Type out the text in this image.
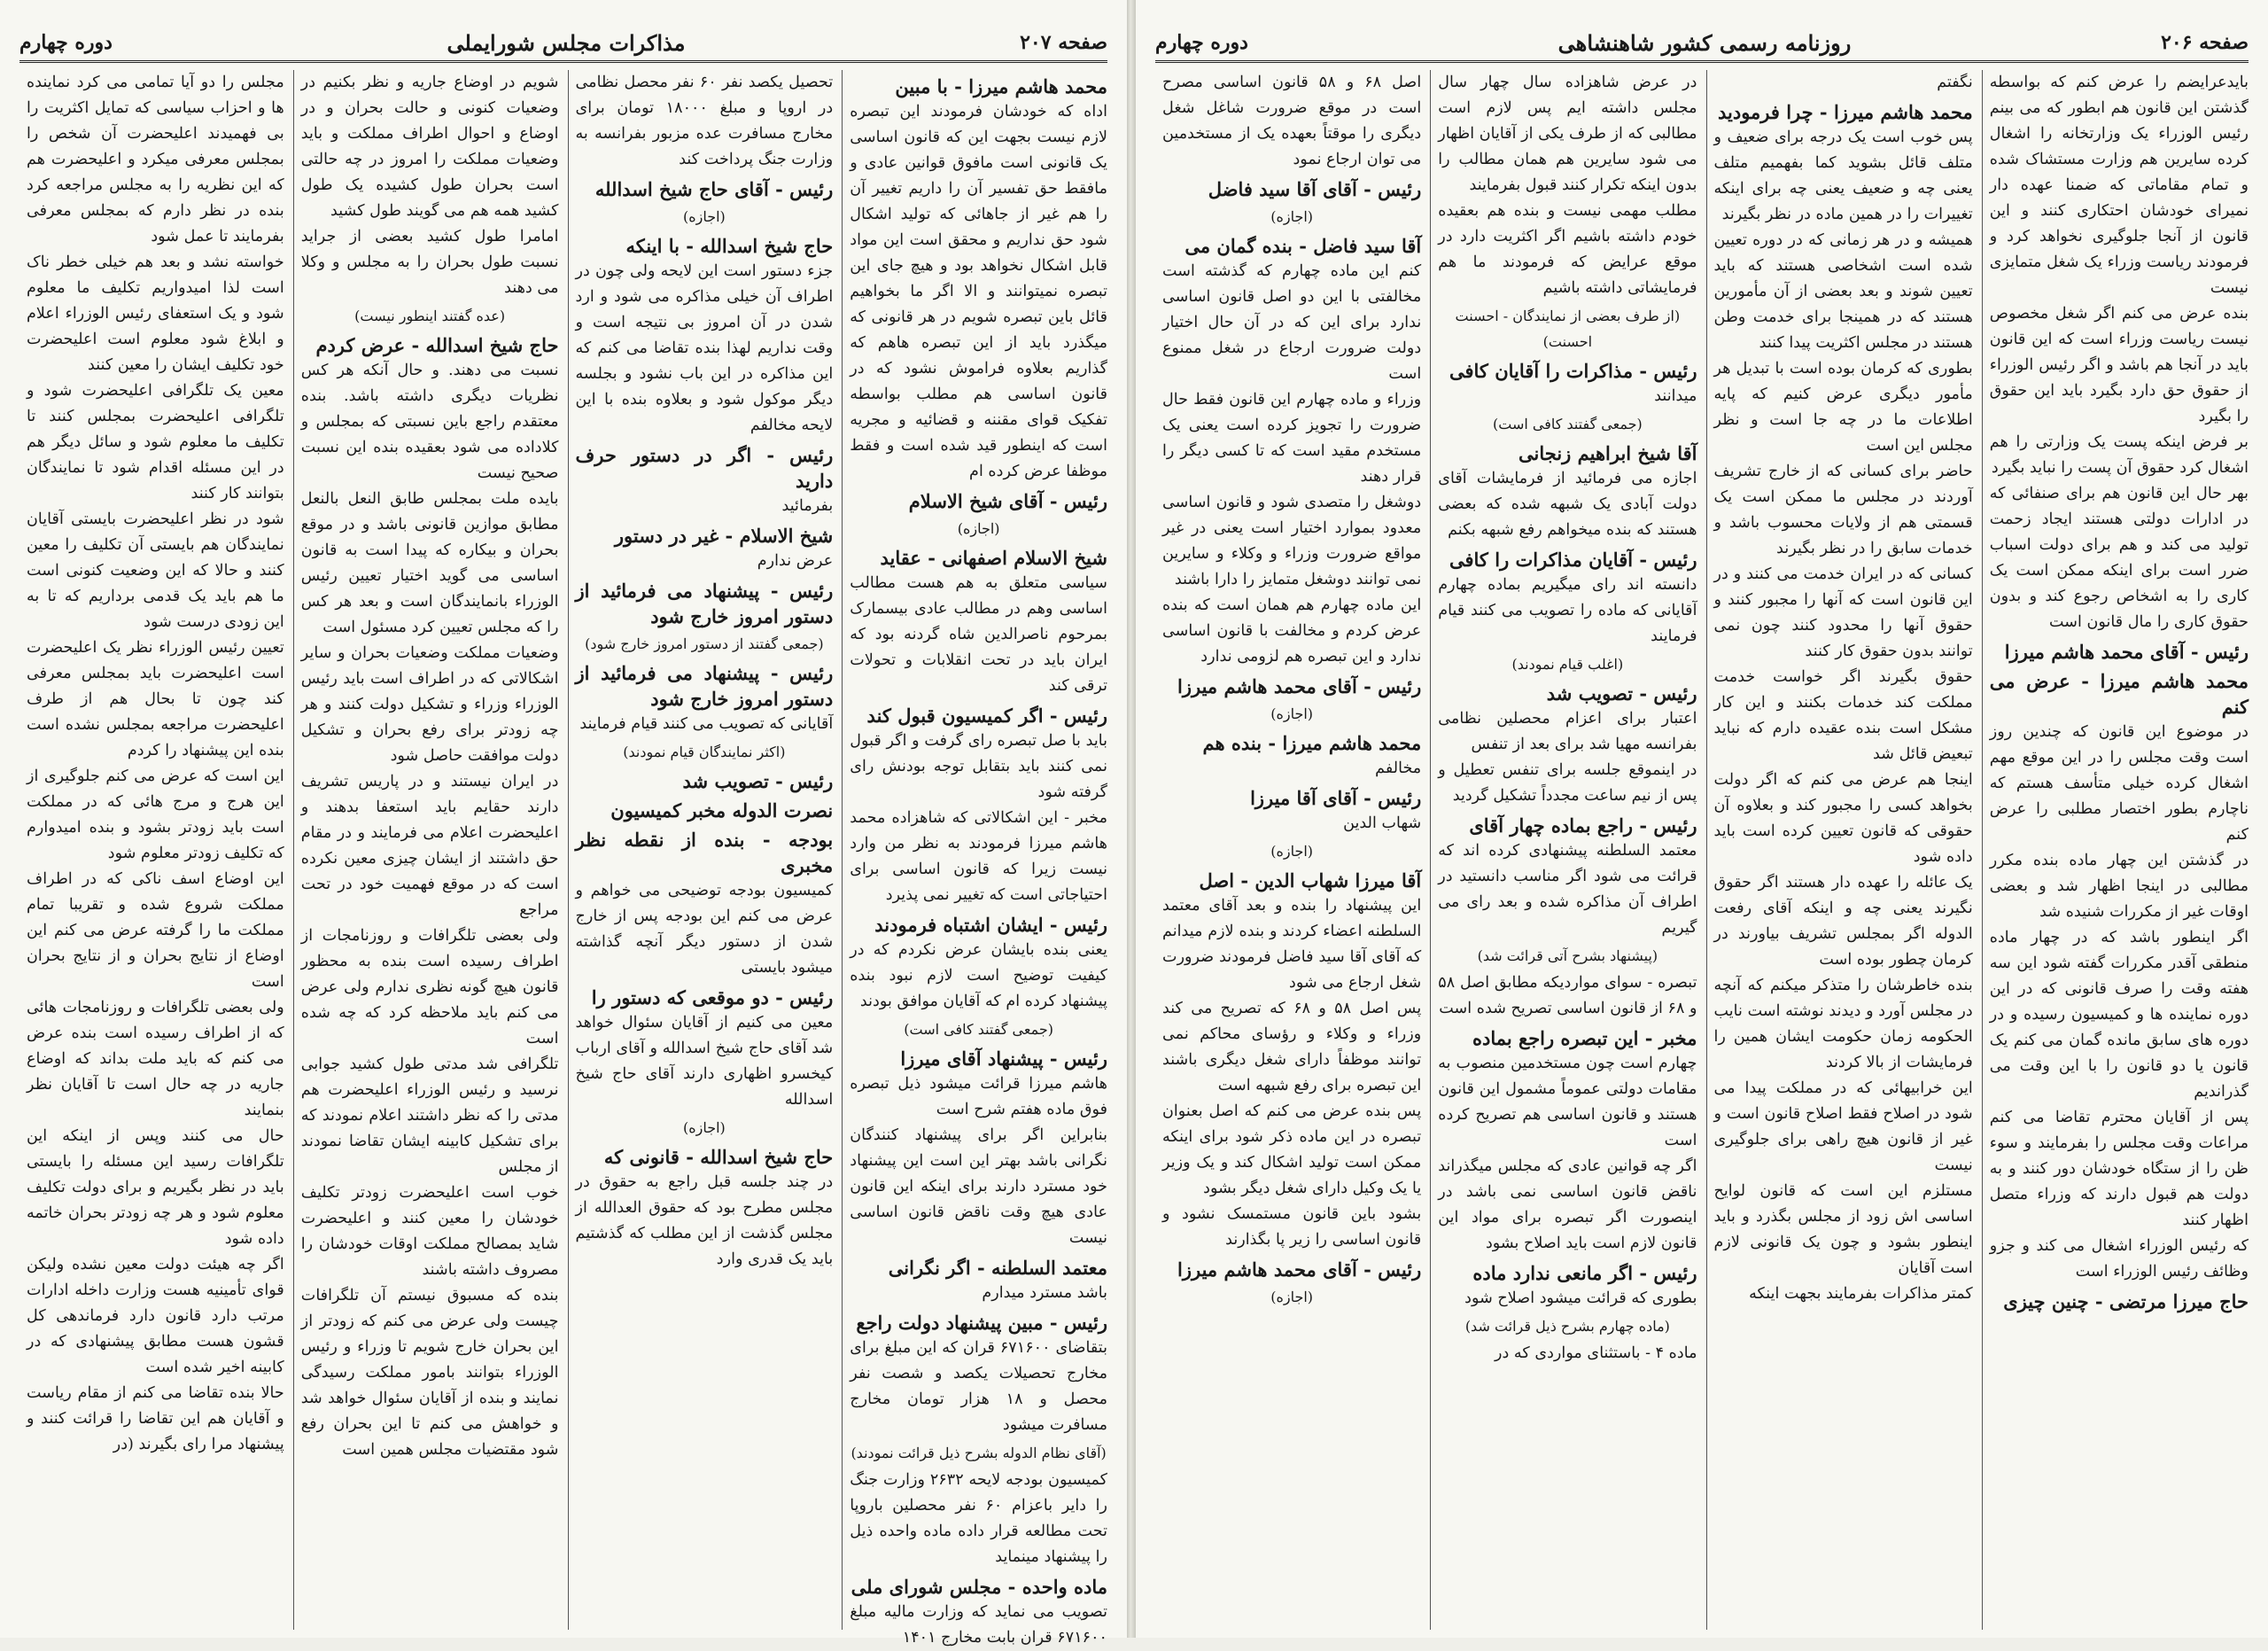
صفحه ۲۰۶
روزنامه رسمی کشور شاهنشاهی
دوره چهارم
بایدعرایضم را عرض کنم که بواسطه گذشتن این قانون هم ابطور که می بینم رئیس الوزراء یک وزارتخانه را اشغال کرده سایرین هم وزارت مستشاک شده و تمام مقاماتی که ضمنا عهده دار نمیرای خودشان احتکاری کنند و این قانون از آنجا جلوگیری نخواهد کرد و فرمودند ریاست وزراء یک شغل متمایزی نیست
بنده عرض می کنم اگر شغل مخصوص نیست ریاست وزراء است که این قانون باید در آنجا هم باشد و اگر رئیس الوزراء از حقوق حق دارد بگیرد باید این حقوق را بگیرد
بر فرض اینکه پست یک وزارتی را هم اشغال کرد حقوق آن پست را نباید بگیرد
بهر حال این قانون هم برای صنفائی که در ادارات دولتی هستند ایجاد زحمت تولید می کند و هم برای دولت اسباب ضرر است برای اینکه ممکن است یک کاری را به اشخاص رجوع کند و بدون حقوق کاری را مال قانون است
رئیس - آقای محمد هاشم میرزا
محمد هاشم میرزا - عرض می کنم
در موضوع این قانون که چندین روز است وقت مجلس را در این موقع مهم اشغال کرده خیلی متأسف هستم که ناچارم بطور اختصار مطلبی را عرض کنم
در گذشتن این چهار ماده بنده مکرر مطالبی در اینجا اظهار شد و بعضی اوقات غیر از مکررات شنیده شد
اگر اینطور باشد که در چهار ماده منطقی آقدر مکررات گفته شود این سه هفته وقت را صرف قانونی که در این دوره نماینده ها و کمیسیون رسیده و در دوره های سابق مانده گمان می کنم یک قانون یا دو قانون را با این وقت می گذراندیم
پس از آقایان محترم تقاضا می کنم مراعات وقت مجلس را بفرمایند و سوء ظن را از ستگاه خودشان دور کنند و به دولت هم قبول دارند که وزراء متصل اظهار کنند
که رئیس الوزراء اشغال می کند و جزو وظائف رئیس الوزراء است
حاج میرزا مرتضی - چنین چیزی
نگفتم
محمد هاشم میرزا - چرا فرمودید
پس خوب است یک درجه برای ضعیف و متلف قائل بشوید کما بفهمیم متلف یعنی چه و ضعیف یعنی چه برای اینکه تغییرات را در همین ماده در نظر بگیرند
همیشه و در هر زمانی که در دوره تعیین شده است اشخاصی هستند که باید تعیین شوند و بعد بعضی از آن مأمورین هستند که در همینجا برای خدمت وطن هستند در مجلس اکثریت پیدا کنند
بطوری که کرمان بوده است با تبدیل هر مأمور دیگری عرض کنیم که پایه اطلاعات ما در چه جا است و نظر مجلس این است
حاضر برای کسانی که از خارج تشریف آوردند در مجلس ما ممکن است یک قسمتی هم از ولایات محسوب باشد و خدمات سابق را در نظر بگیرند
کسانی که در ایران خدمت می کنند و در این قانون است که آنها را مجبور کنند و حقوق آنها را محدود کنند چون نمی توانند بدون حقوق کار کنند
حقوق بگیرند اگر خواست خدمت مملکت کند خدمات بکنند و این کار مشکل است بنده عقیده دارم که نباید تبعیض قائل شد
اینجا هم عرض می کنم که اگر دولت بخواهد کسی را مجبور کند و بعلاوه آن حقوقی که قانون تعیین کرده است باید داده شود
یک عائله را عهده دار هستند اگر حقوق نگیرند یعنی چه و اینکه آقای رفعت الدوله اگر بمجلس تشریف بیاورند در کرمان چطور بوده است
بنده خاطرشان را متذکر میکنم که آنچه در مجلس آورد و دیدند نوشته است نایب الحکومه زمان حکومت ایشان همین را فرمایشات از بالا کردند
این خرابیهائی که در مملکت پیدا می شود در اصلاح فقط اصلاح قانون است و غیر از قانون هیچ راهی برای جلوگیری نیست
مستلزم این است که قانون لوایح اساسی اش زود از مجلس بگذرد و باید اینطور بشود و چون یک قانونی لازم است آقایان
کمتر مذاکرات بفرمایند بجهت اینکه
در عرض شاهزاده سال چهار سال مجلس داشته ایم پس لازم است مطالبی که از طرف یکی از آقایان اظهار می شود سایرین هم همان مطالب را بدون اینکه تکرار کنند قبول بفرمایند
مطلب مهمی نیست و بنده هم بعقیده خودم داشته باشیم اگر اکثریت دارد در موقع عرایض که فرمودند ما هم فرمایشاتی داشته باشیم
(از طرف بعضی از نمایندگان - احسنت احسنت)
رئیس - مذاکرات را آقایان کافی
میدانند
(جمعی گفتند کافی است)
آقا شیخ ابراهیم زنجانی
اجازه می فرمائید از فرمایشات آقای دولت آبادی یک شبهه شده که بعضی هستند که بنده میخواهم رفع شبهه بکنم
رئیس - آقایان مذاکرات را کافی
دانسته اند رای میگیریم بماده چهارم آقایانی که ماده را تصویب می کنند قیام فرمایند
(اغلب قیام نمودند)
رئیس - تصویب شد
اعتبار برای اعزام محصلین نظامی بفرانسه مهیا شد برای بعد از تنفس
در اینموقع جلسه برای تنفس تعطیل و پس از نیم ساعت مجدداً تشکیل گردید
رئیس - راجع بماده چهار آقای
معتمد السلطنه پیشنهادی کرده اند که قرائت می شود اگر مناسب دانستید در اطراف آن مذاکره شده و بعد رای می گیریم
(پیشنهاد بشرح آتی قرائت شد)
تبصره - سوای مواردیکه مطابق اصل ۵۸ و ۶۸ از قانون اساسی تصریح شده است
مخبر - این تبصره راجع بماده
چهارم است چون مستخدمین منصوب به مقامات دولتی عموماً مشمول این قانون هستند و قانون اساسی هم تصریح کرده است
اگر چه قوانین عادی که مجلس میگذراند ناقض قانون اساسی نمی باشد در اینصورت اگر تبصره برای مواد این قانون لازم است باید اصلاح بشود
رئیس - اگر مانعی ندارد ماده
بطوری که قرائت میشود اصلاح شود
(ماده چهارم بشرح ذیل قرائت شد)
ماده ۴ - باستثنای مواردی که در
اصل ۶۸ و ۵۸ قانون اساسی مصرح است در موقع ضرورت شاغل شغل دیگری را موقتاً بعهده یک از مستخدمین می توان ارجاع نمود
رئیس - آقای آقا سید فاضل
(اجازه)
آقا سید فاضل - بنده گمان می
کنم این ماده چهارم که گذشته است مخالفتی با این دو اصل قانون اساسی ندارد برای این که در آن حال اختیار دولت ضرورت ارجاع در شغل ممنوع است
وزراء و ماده چهارم این قانون فقط حال ضرورت را تجویز کرده است یعنی یک مستخدم مقید است که تا کسی دیگر را قرار دهند
دوشغل را متصدی شود و قانون اساسی معدود بموارد اختیار است یعنی در غیر مواقع ضرورت وزراء و وکلاء و سایرین نمی توانند دوشغل متمایز را دارا باشند
این ماده چهارم هم همان است که بنده عرض کردم و مخالفت با قانون اساسی ندارد و این تبصره هم لزومی ندارد
رئیس - آقای محمد هاشم میرزا
(اجازه)
محمد هاشم میرزا - بنده هم
مخالفم
رئیس - آقای آقا میرزا
شهاب الدین
(اجازه)
آقا میرزا شهاب الدین - اصل
این پیشنهاد را بنده و بعد آقای معتمد السلطنه اعضاء کردند و بنده لازم میدانم که آقای آقا سید فاضل فرمودند ضرورت شغل ارجاع می شود
پس اصل ۵۸ و ۶۸ که تصریح می کند وزراء و وکلاء و رؤسای محاکم نمی توانند موظفاً دارای شغل دیگری باشند این تبصره برای رفع شبهه است
پس بنده عرض می کنم که اصل بعنوان تبصره در این ماده ذکر شود برای اینکه ممکن است تولید اشکال کند و یک وزیر یا یک وکیل دارای شغل دیگر بشود
بشود باین قانون مستمسک نشود و قانون اساسی را زیر پا بگذارند
رئیس - آقای محمد هاشم میرزا
(اجازه)
صفحه ۲۰۷
مذاکرات مجلس شورایملی
دوره چهارم
محمد هاشم میرزا - با مبین
اداه که خودشان فرمودند این تبصره لازم نیست بجهت این که قانون اساسی یک قانونی است مافوق قوانین عادی و مافقط حق تفسیر آن را داریم تغییر آن را هم غیر از جاهائی که تولید اشکال شود حق نداریم و محقق است این مواد قابل اشکال نخواهد بود و هیچ جای این تبصره نمیتوانند و الا اگر ما بخواهیم قائل باین تبصره شویم در هر قانونی که میگذرد باید از این تبصره هاهم که گذاریم بعلاوه فراموش نشود که در قانون اساسی هم مطلب بواسطه تفکیک قوای مقننه و قضائیه و مجریه است که اینطور قید شده است و فقط موظفا عرض کرده ام
رئیس - آقای شیخ الاسلام
(اجازه)
شیخ الاسلام اصفهانی - عقاید
سیاسی متعلق به هم هست مطالب اساسی وهم در مطالب عادی بیسمارک بمرحوم ناصرالدین شاه گردنه بود که ایران باید در تحت انقلابات و تحولات ترقی کند
رئیس - اگر کمیسیون قبول کند
باید با صل تبصره رای گرفت و اگر قبول نمی کنند باید بتقابل توجه بودنش رای گرفته شود
مخبر - این اشکالاتی که شاهزاده محمد هاشم میرزا فرمودند به نظر من وارد نیست زیرا که قانون اساسی برای احتیاجاتی است که تغییر نمی پذیرد
رئیس - ایشان اشتباه فرمودند
یعنی بنده بایشان عرض نکردم که در کیفیت توضیح است لازم نبود بنده پیشنهاد کرده ام که آقایان موافق بودند
(جمعی گفتند کافی است)
رئیس - پیشنهاد آقای میرزا
هاشم میرزا قرائت میشود ذیل تبصره فوق ماده هفتم شرح است
بنابراین اگر برای پیشنهاد کنندگان نگرانی باشد بهتر این است این پیشنهاد خود مسترد دارند برای اینکه این قانون عادی هیچ وقت ناقض قانون اساسی نیست
معتمد السلطنه - اگر نگرانی
باشد مسترد میدارم
رئیس - مبین پیشنهاد دولت راجع
بتقاضای ۶۷۱۶۰۰ قران که این مبلغ برای مخارج تحصیلات یکصد و شصت نفر محصل و ۱۸ هزار تومان مخارج مسافرت میشود
(آقای نظام الدوله بشرح ذیل قرائت نمودند)
کمیسیون بودجه لایحه ۲۶۳۲ وزارت جنگ را دایر باعزام ۶۰ نفر محصلین باروپا تحت مطالعه قرار داده ماده واحده ذیل را پیشنهاد مینماید
ماده واحده - مجلس شورای ملی
تصویب می نماید که وزارت مالیه مبلغ ۶۷۱۶۰۰ قران بابت مخارج ۱۴۰۱
تحصیل یکصد نفر ۶۰ نفر محصل نظامی در اروپا و مبلغ ۱۸۰۰۰ تومان برای مخارج مسافرت عده مزبور بفرانسه به وزارت جنگ پرداخت کند
رئیس - آقای حاج شیخ اسدالله
(اجازه)
حاج شیخ اسدالله - با اینکه
جزء دستور است این لایحه ولی چون در اطراف آن خیلی مذاکره می شود و ارد شدن در آن امروز بی نتیجه است و وقت نداریم لهذا بنده تقاضا می کنم که این مذاکره در این باب نشود و بجلسه دیگر موکول شود و بعلاوه بنده با این لایحه مخالفم
رئیس - اگر در دستور حرف دارید
بفرمائید
شیخ الاسلام - غیر در دستور
عرض ندارم
رئیس - پیشنهاد می فرمائید از دستور امروز خارج شود
(جمعی گفتند از دستور امروز خارج شود)
رئیس - پیشنهاد می فرمائید از دستور امروز خارج شود
آقایانی که تصویب می کنند قیام فرمایند
(اکثر نمایندگان قیام نمودند)
رئیس - تصویب شد
نصرت الدوله مخبر کمیسیون
بودجه - بنده از نقطه نظر مخبری
کمیسیون بودجه توضیحی می خواهم و عرض می کنم این بودجه پس از خارج شدن از دستور دیگر آنچه گذاشته میشود بایستی
رئیس - دو موقعی که دستور را
معین می کنیم از آقایان سئوال خواهد شد آقای حاج شیخ اسدالله و آقای ارباب کیخسرو اظهاری دارند آقای حاج شیخ اسدالله
(اجازه)
حاج شیخ اسدالله - قانونی که
در چند جلسه قبل راجع به حقوق در مجلس مطرح بود که حقوق العدالله از مجلس گذشت از این مطلب که گذشتیم باید یک قدری وارد
شویم در اوضاع جاریه و نظر بکنیم در وضعیات کنونی و حالت بحران و در اوضاع و احوال اطراف مملکت و باید وضعیات مملکت را امروز در چه حالتی است بحران طول کشیده یک طول کشید همه هم می گویند طول کشید
امامرا طول کشید بعضی از جراید نسبت طول بحران را به مجلس و وکلا می دهند
(عده گفتند اینطور نیست)
حاج شیخ اسدالله - عرض کردم
نسبت می دهند. و حال آنکه هر کس نظریات دیگری داشته باشد. بنده معتقدم راجع باین نسبتی که بمجلس و کلاداده می شود بعقیده بنده این نسبت صحیح نیست
بایده ملت بمجلس طابق النعل بالنعل مطابق موازین قانونی باشد و در موقع بحران و بیکاره که پیدا است به قانون اساسی می گوید اختیار تعیین رئیس الوزراء بانمایندگان است و بعد هر کس را که مجلس تعیین کرد مسئول است
وضعیات مملکت وضعیات بحران و سایر اشکالاتی که در اطراف است باید رئیس الوزراء وزراء و تشکیل دولت کنند و هر چه زودتر برای رفع بحران و تشکیل دولت موافقت حاصل شود
در ایران نیستند و در پاریس تشریف دارند حقایم باید استعفا بدهند و اعلیحضرت اعلام می فرمایند و در مقام حق داشتند از ایشان چیزی معین نکرده است که در موقع فهمیت خود در تحت مراجع
ولی بعضی تلگرافات و روزنامجات از اطراف رسیده است بنده به محظور قانون هیچ گونه نظری ندارم ولی عرض می کنم باید ملاحظه کرد که چه شده است
تلگرافی شد مدتی طول کشید جوابی نرسید و رئیس الوزراء اعلیحضرت هم مدتی را که نظر داشتند اعلام نمودند که برای تشکیل کابینه ایشان تقاضا نمودند از مجلس
خوب است اعلیحضرت زودتر تکلیف خودشان را معین کنند و اعلیحضرت شاید بمصالح مملکت اوقات خودشان را مصروف داشته باشند
بنده که مسبوق نیستم آن تلگرافات چیست ولی عرض می کنم که زودتر از این بحران خارج شویم تا وزراء و رئیس الوزراء بتوانند بامور مملکت رسیدگی نمایند و بنده از آقایان سئوال خواهد شد و خواهش می کنم تا این بحران رفع شود مقتضیات مجلس همین است
مجلس را دو آیا تمامی می کرد نماینده ها و احزاب سیاسی که تمایل اکثریت را بی فهمیدند اعلیحضرت آن شخص را بمجلس معرفی میکرد و اعلیحضرت هم که این نظریه را به مجلس مراجعه کرد بنده در نظر دارم که بمجلس معرفی بفرمایند تا عمل شود
خواسته نشد و بعد هم خیلی خطر ناک است لذا امیدواریم تکلیف ما معلوم شود و یک استعفای رئیس الوزراء اعلام و ابلاغ شود معلوم است اعلیحضرت خود تکلیف ایشان را معین کنند
معین یک تلگرافی اعلیحضرت شود و تلگرافی اعلیحضرت بمجلس کنند تا تکلیف ما معلوم شود و سائل دیگر هم در این مسئله اقدام شود تا نمایندگان بتوانند کار کنند
شود در نظر اعلیحضرت بایستی آقایان نمایندگان هم بایستی آن تکلیف را معین کنند و حالا که این وضعیت کنونی است ما هم باید یک قدمی برداریم که تا به این زودی درست شود
تعیین رئیس الوزراء نظر یک اعلیحضرت است اعلیحضرت باید بمجلس معرفی کند چون تا بحال هم از طرف اعلیحضرت مراجعه بمجلس نشده است بنده این پیشنهاد را کردم
این است که عرض می کنم جلوگیری از این هرج و مرج هائی که در مملکت است باید زودتر بشود و بنده امیدوارم که تکلیف زودتر معلوم شود
این اوضاع اسف ناکی که در اطراف مملکت شروع شده و تقریبا تمام مملکت ما را گرفته عرض می کنم این اوضاع از نتایج بحران و از نتایج بحران است
ولی بعضی تلگرافات و روزنامجات هائی که از اطراف رسیده است بنده عرض می کنم که باید ملت بداند که اوضاع جاریه در چه حال است تا آقایان نظر بنمایند
حال می کنند وپس از اینکه این تلگرافات رسید این مسئله را بایستی باید در نظر بگیریم و برای دولت تکلیف معلوم شود و هر چه زودتر بحران خاتمه داده شود
اگر چه هیئت دولت معین نشده ولیکن قوای تأمینیه هست وزارت داخله ادارات مرتب دارد قانون دارد فرماندهی کل قشون هست مطابق پیشنهادی که در کابینه اخیر شده است
حالا بنده تقاضا می کنم از مقام ریاست و آقایان هم این تقاضا را قرائت کنند و پیشنهاد مرا رای بگیرند (در
